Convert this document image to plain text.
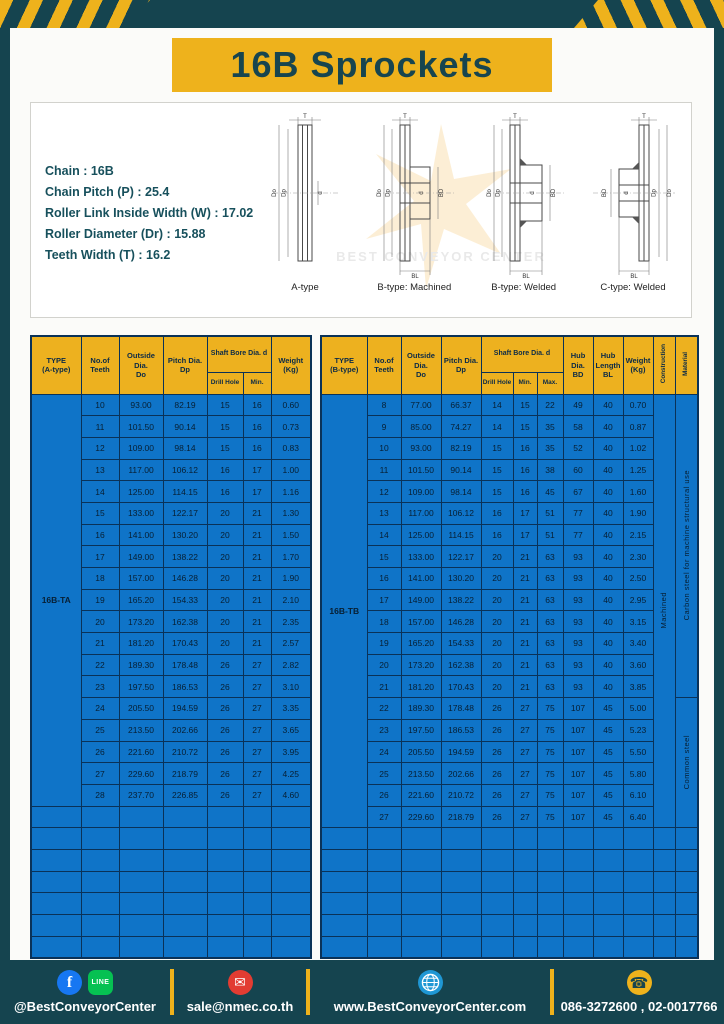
16B Sprockets
BEST CONVEYOR CENTER
Chain : 16B
Chain Pitch (P) : 25.4
Roller Link Inside Width (W) : 17.02
Roller Diameter (Dr) : 15.88
Teeth Width (T) : 16.2
T
Do Dp	d
A-type
T
Do Dp	d BD
BL
B-type: Machined
T
Do Dp	d	BD
BL
B-type: Welded
T
Do
Dp
d
BD
BL
C-type: Welded
TYPE
(A-type)	No.of
Teeth	Outside
Dia.
Do	Pitch Dia.
Dp	Shaft Bore Dia. d		Weight
(Kg)
				Drill Hole	Min.	
16B-TA	10	93.00	82.19	15	16	0.60
	11	101.50	90.14	15	16	0.73
	12	109.00	98.14	15	16	0.83
	13	117.00	106.12	16	17	1.00
	14	125.00	114.15	16	17	1.16
	15	133.00	122.17	20	21	1.30
	16	141.00	130.20	20	21	1.50
	17	149.00	138.22	20	21	1.70
	18	157.00	146.28	20	21	1.90
	19	165.20	154.33	20	21	2.10
	20	173.20	162.38	20	21	2.35
	21	181.20	170.43	20	21	2.57
	22	189.30	178.48	26	27	2.82
	23	197.50	186.53	26	27	3.10
	24	205.50	194.59	26	27	3.35
	25	213.50	202.66	26	27	3.65
	26	221.60	210.72	26	27	3.95
	27	229.60	218.79	26	27	4.25
	28	237.70	226.85	26	27	4.60

TYPE
(B-type)	No.of
Teeth	Outside
Dia.
Do	Pitch Dia.
Dp	Shaft Bore Dia. d			Hub Dia.
BD	Hub
Length
BL	Weight
(Kg)	Construction	Material
				Drill Hole	Min.	Max.					
16B-TB	8	77.00	66.37	14	15	22	49	40	0.70	Machined	Carbon steel for machine structural use
	9	85.00	74.27	14	15	35	58	40	0.87		
	10	93.00	82.19	15	16	35	52	40	1.02		
	11	101.50	90.14	15	16	38	60	40	1.25		
	12	109.00	98.14	15	16	45	67	40	1.60		
	13	117.00	106.12	16	17	51	77	40	1.90		
	14	125.00	114.15	16	17	51	77	40	2.15		
	15	133.00	122.17	20	21	63	93	40	2.30		
	16	141.00	130.20	20	21	63	93	40	2.50		
	17	149.00	138.22	20	21	63	93	40	2.95		
	18	157.00	146.28	20	21	63	93	40	3.15		
	19	165.20	154.33	20	21	63	93	40	3.40		
	20	173.20	162.38	20	21	63	93	40	3.60		
	21	181.20	170.43	20	21	63	93	40	3.85		
	22	189.30	178.48	26	27	75	107	45	5.00		Common steel
	23	197.50	186.53	26	27	75	107	45	5.23		
	24	205.50	194.59	26	27	75	107	45	5.50		
	25	213.50	202.66	26	27	75	107	45	5.80		
	26	221.60	210.72	26	27	75	107	45	6.10		
	27	229.60	218.79	26	27	75	107	45	6.40		

f	LINE
@BestConveyorCenter
✉
sale@nmec.co.th	www.BestConveyorCenter.com
☎
086-3272600 , 02-0017766
